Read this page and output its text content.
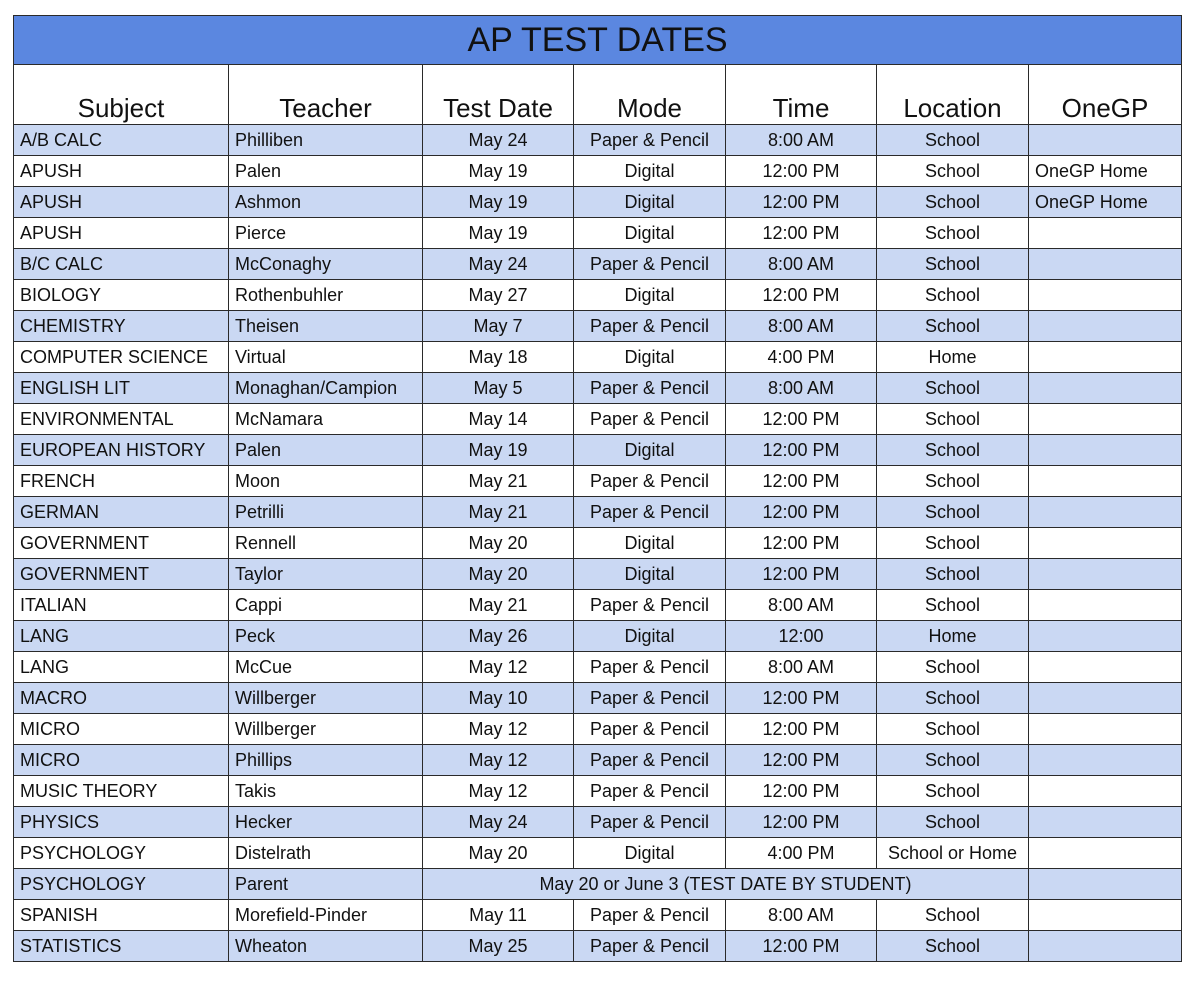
AP TEST DATES						
Subject	Teacher	Test Date	Mode	Time	Location	OneGP
A/B CALC	Philliben	May 24	Paper & Pencil	8:00 AM	School	
APUSH	Palen	May 19	Digital	12:00 PM	School	OneGP Home
APUSH	Ashmon	May 19	Digital	12:00 PM	School	OneGP Home
APUSH	Pierce	May 19	Digital	12:00 PM	School	
B/C CALC	McConaghy	May 24	Paper & Pencil	8:00 AM	School	
BIOLOGY	Rothenbuhler	May 27	Digital	12:00 PM	School	
CHEMISTRY	Theisen	May 7	Paper & Pencil	8:00 AM	School	
COMPUTER SCIENCE	Virtual	May 18	Digital	4:00 PM	Home	
ENGLISH LIT	Monaghan/Campion	May 5	Paper & Pencil	8:00 AM	School	
ENVIRONMENTAL	McNamara	May 14	Paper & Pencil	12:00 PM	School	
EUROPEAN HISTORY	Palen	May 19	Digital	12:00 PM	School	
FRENCH	Moon	May 21	Paper & Pencil	12:00 PM	School	
GERMAN	Petrilli	May 21	Paper & Pencil	12:00 PM	School	
GOVERNMENT	Rennell	May 20	Digital	12:00 PM	School	
GOVERNMENT	Taylor	May 20	Digital	12:00 PM	School	
ITALIAN	Cappi	May 21	Paper & Pencil	8:00 AM	School	
LANG	Peck	May 26	Digital	12:00	Home	
LANG	McCue	May 12	Paper & Pencil	8:00 AM	School	
MACRO	Willberger	May 10	Paper & Pencil	12:00 PM	School	
MICRO	Willberger	May 12	Paper & Pencil	12:00 PM	School	
MICRO	Phillips	May 12	Paper & Pencil	12:00 PM	School	
MUSIC THEORY	Takis	May 12	Paper & Pencil	12:00 PM	School	
PHYSICS	Hecker	May 24	Paper & Pencil	12:00 PM	School	
PSYCHOLOGY	Distelrath	May 20	Digital	4:00 PM	School or Home	
PSYCHOLOGY	Parent	May 20 or June 3 (TEST DATE BY STUDENT)				
SPANISH	Morefield-Pinder	May 11	Paper & Pencil	8:00 AM	School	
STATISTICS	Wheaton	May 25	Paper & Pencil	12:00 PM	School	
